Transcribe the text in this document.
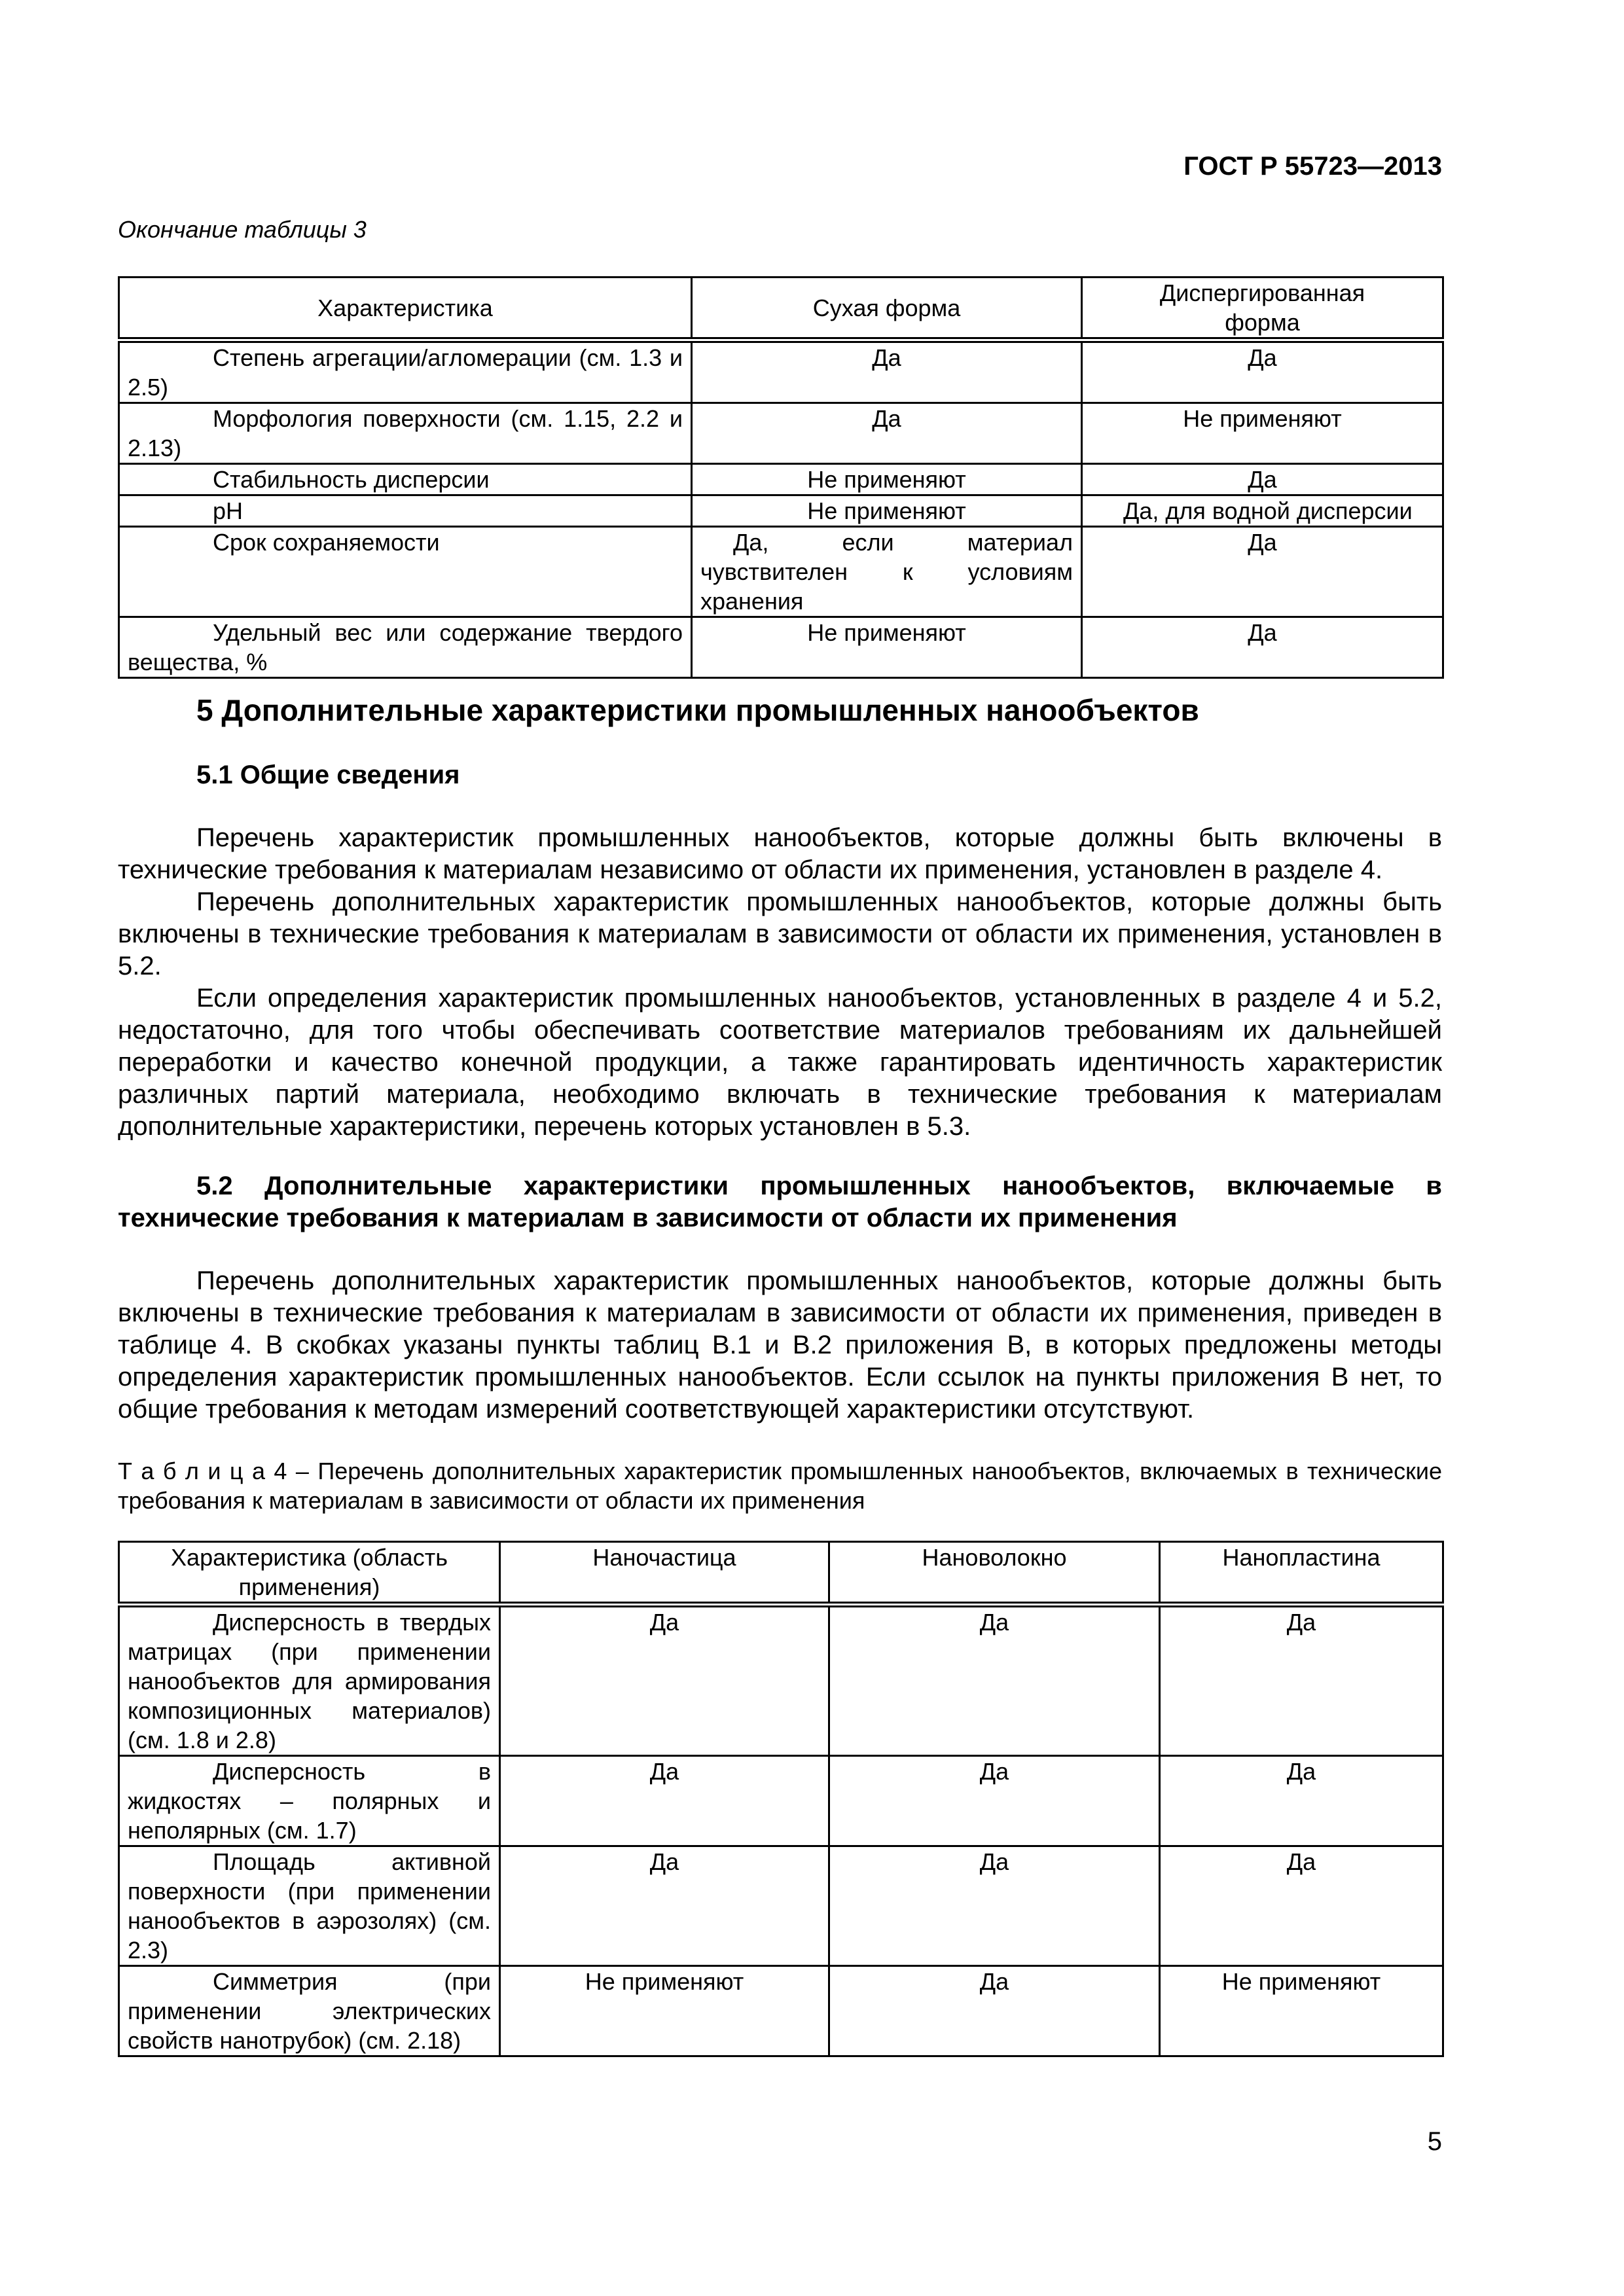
ГОСТ Р 55723—2013
Окончание таблицы 3
Характеристика	Сухая форма	Диспергированная форма
Степень агрегации/агломерации (см. 1.3 и 2.5)	Да	Да
Морфология поверхности (см. 1.15, 2.2 и 2.13)	Да	Не применяют
Стабильность дисперсии	Не применяют	Да
pH	Не применяют	Да, для водной дисперсии
Срок сохраняемости	Да, если материал чувствителен к условиям хранения	Да
Удельный вес или содержание твердого вещества, %	Не применяют	Да
5 Дополнительные характеристики промышленных нанообъектов
5.1 Общие сведения

Перечень характеристик промышленных нанообъектов, которые должны быть включены в технические требования к материалам независимо от области их применения, установлен в разделе 4.

Перечень дополнительных характеристик промышленных нанообъектов, которые должны быть включены в технические требования к материалам в зависимости от области их применения, установлен в 5.2.

Если определения характеристик промышленных нанообъектов, установленных в разделе 4 и 5.2, недостаточно, для того чтобы обеспечивать соответствие материалов требованиям их дальнейшей переработки и качество конечной продукции, а также гарантировать идентичность характеристик различных партий материала, необходимо включать в технические требования к материалам дополнительные характеристики, перечень которых установлен в 5.3.

5.2 Дополнительные характеристики промышленных нанообъектов, включаемые в технические требования к материалам в зависимости от области их применения

Перечень дополнительных характеристик промышленных нанообъектов, которые должны быть включены в технические требования к материалам в зависимости от области их применения, приведен в таблице 4. В скобках указаны пункты таблиц В.1 и В.2 приложения В, в которых предложены методы определения характеристик промышленных нанообъектов. Если ссылок на пункты приложения В нет, то общие требования к методам измерений соответствующей характеристики отсутствуют.

Т а б л и ц а 4 – Перечень дополнительных характеристик промышленных нанообъектов, включаемых в технические требования к материалам в зависимости от области их применения
Характеристика (область применения)	Наночастица	Нановолокно	Нанопластина
Дисперсность в твердых матрицах (при применении нанообъектов для армирования композиционных материалов) (см. 1.8 и 2.8)	Да	Да	Да
Дисперсность в жидкостях – полярных и неполярных (см. 1.7)	Да	Да	Да
Площадь активной поверхности (при применении нанообъектов в аэрозолях) (см. 2.3)	Да	Да	Да
Симметрия (при применении электрических свойств нанотрубок) (см. 2.18)	Не применяют	Да	Не применяют
5
